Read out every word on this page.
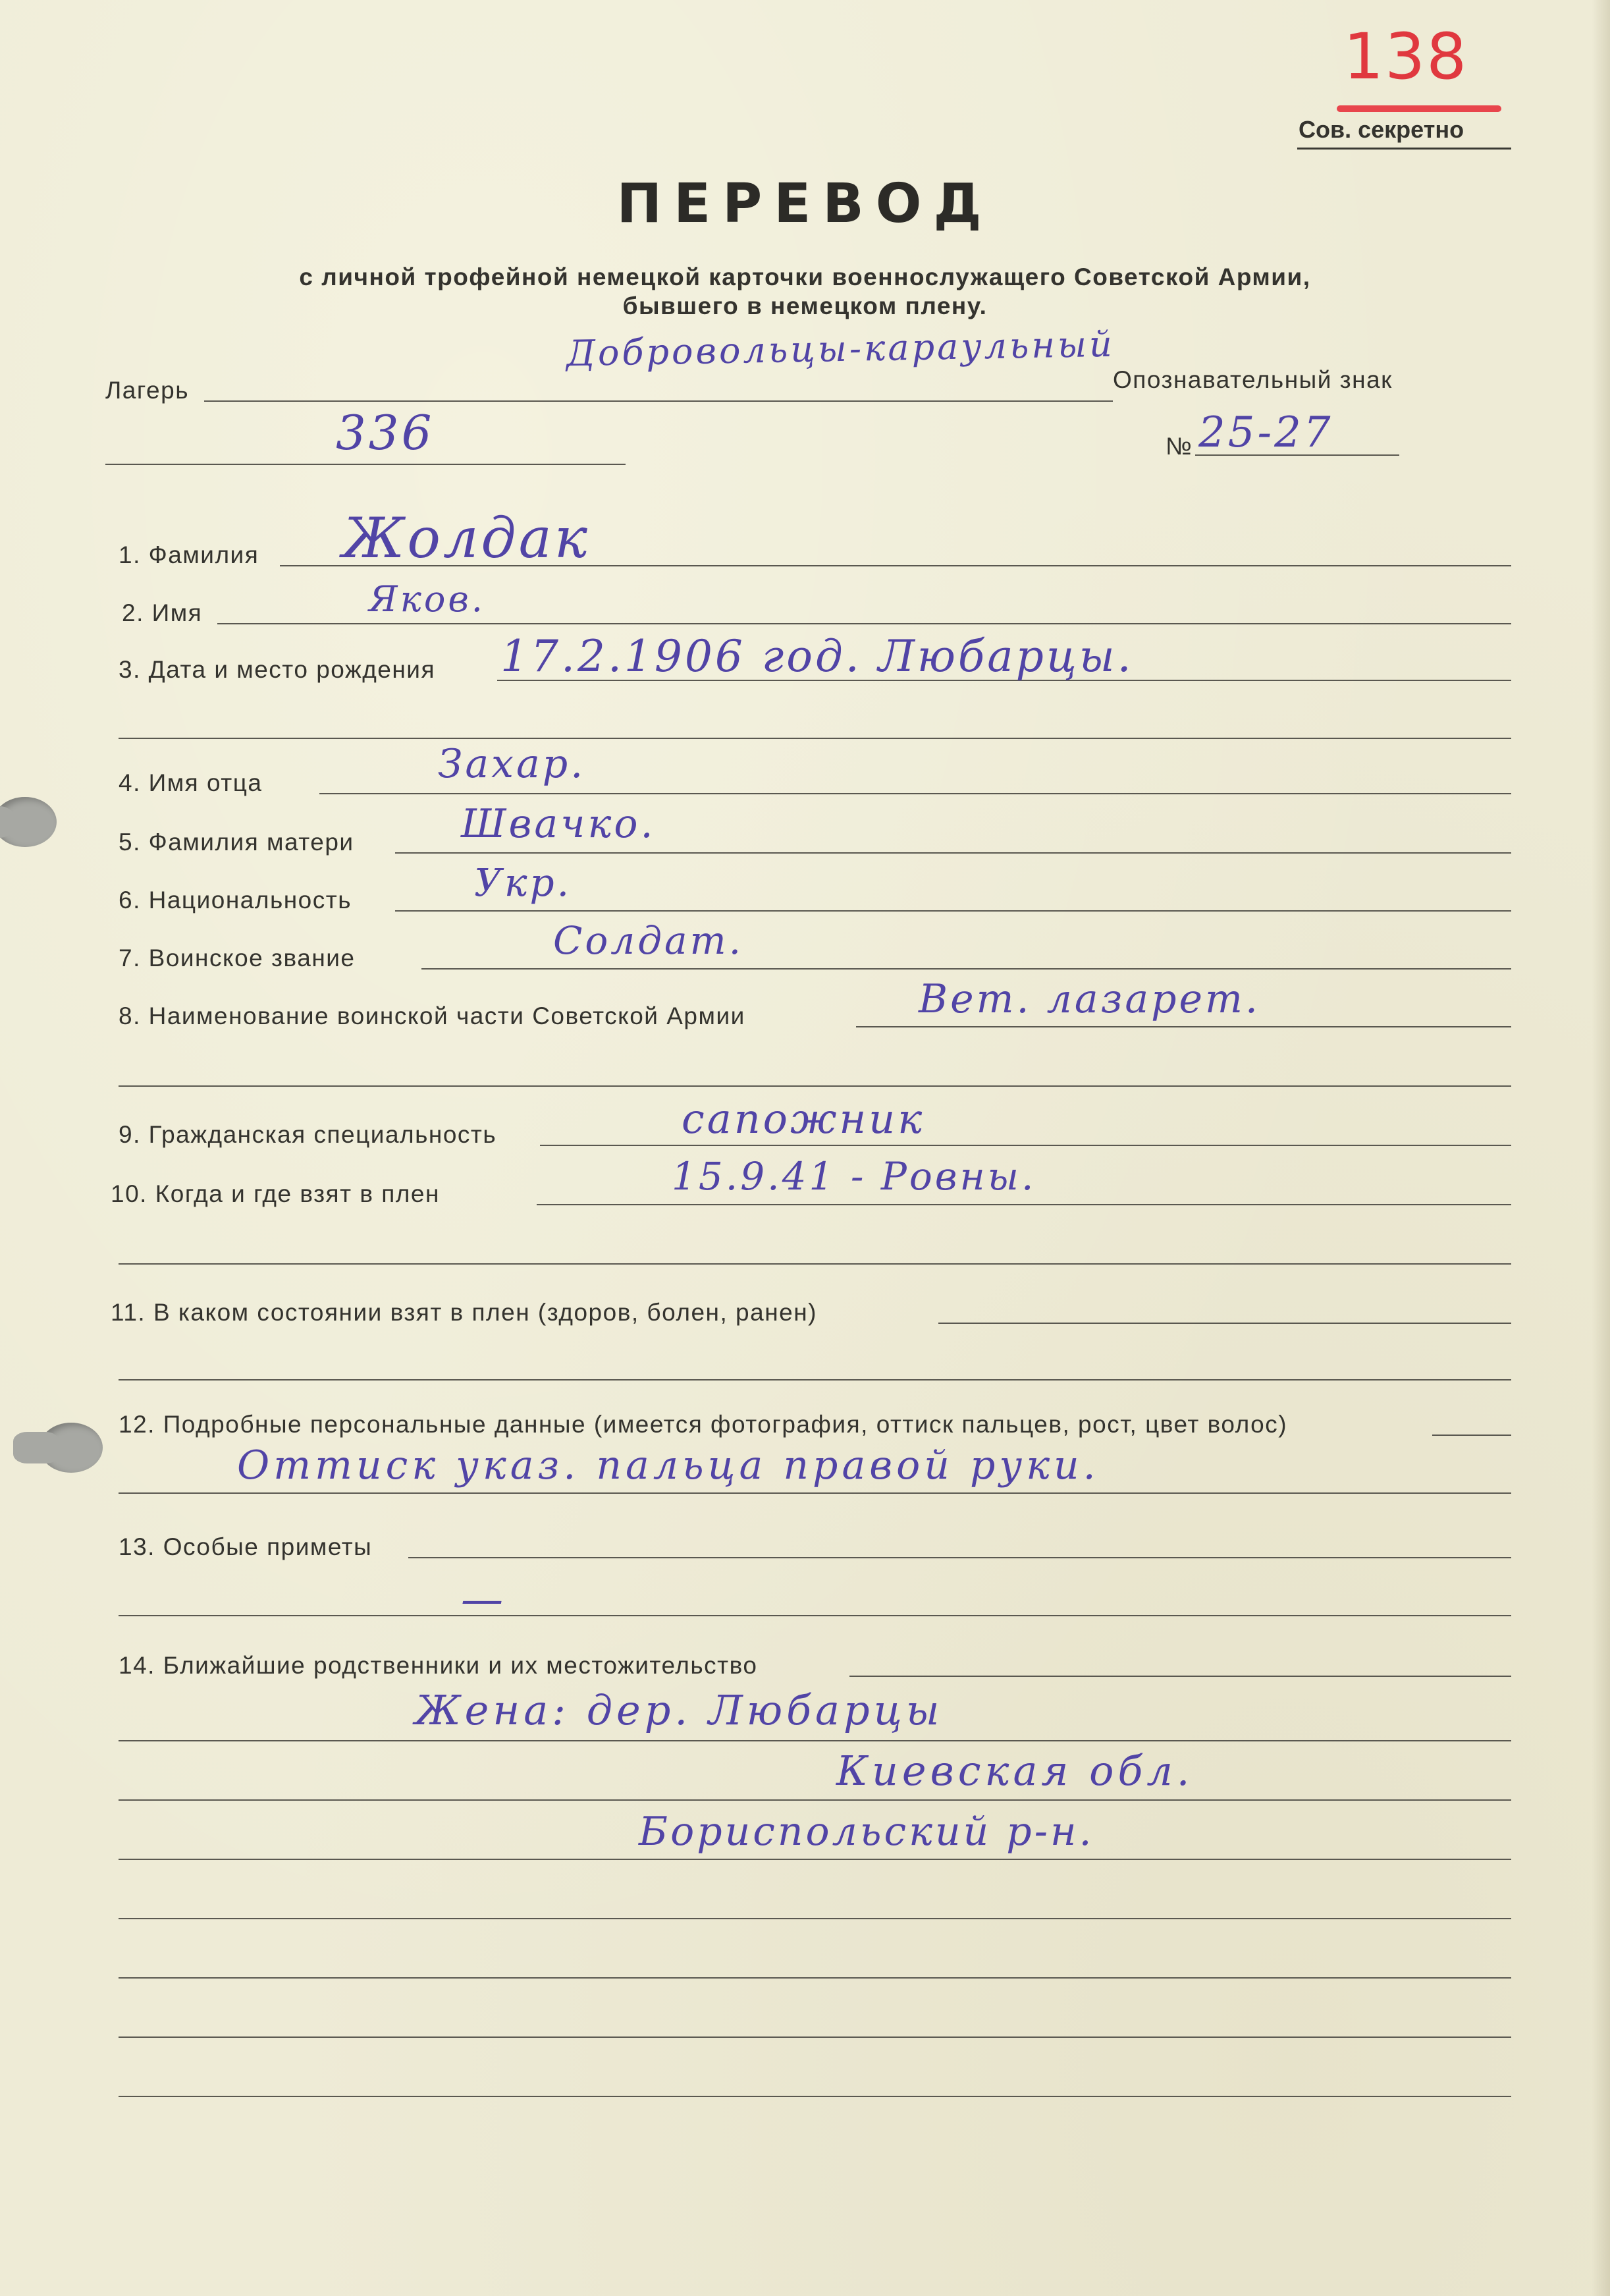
138
Сов. секретно
ПЕРЕВОД
с личной трофейной немецкой карточки военнослужащего Советской Армии,
бывшего в немецком плену.
Лагерь
Добровольцы-караульный
Опознавательный знак
336	№ 25-27
1. Фамилия Жолдак
2. Имя	Яков.
3. Дата и место рождения 17.2.1906 год. Любарцы.
4. Имя отца	Захар.
5. Фамилия матери	Швачко.
6. Национальность	Укр.
7. Воинское звание	Солдат.
8. Наименование воинской части Советской Армии	Вет. лазарет.
9. Гражданская специальность	сапожник
10. Когда и где взят в плен	15.9.41 - Ровны.
11. В каком состоянии взят в плен (здоров, болен, ранен)
12. Подробные персональные данные (имеется фотография, оттиск пальцев, рост, цвет волос)
Оттиск указ. пальца правой руки.
13. Особые приметы
—
14. Ближайшие родственники и их местожительство
Жена: дер. Любарцы
Киевская обл.
Бориспольский р-н.
